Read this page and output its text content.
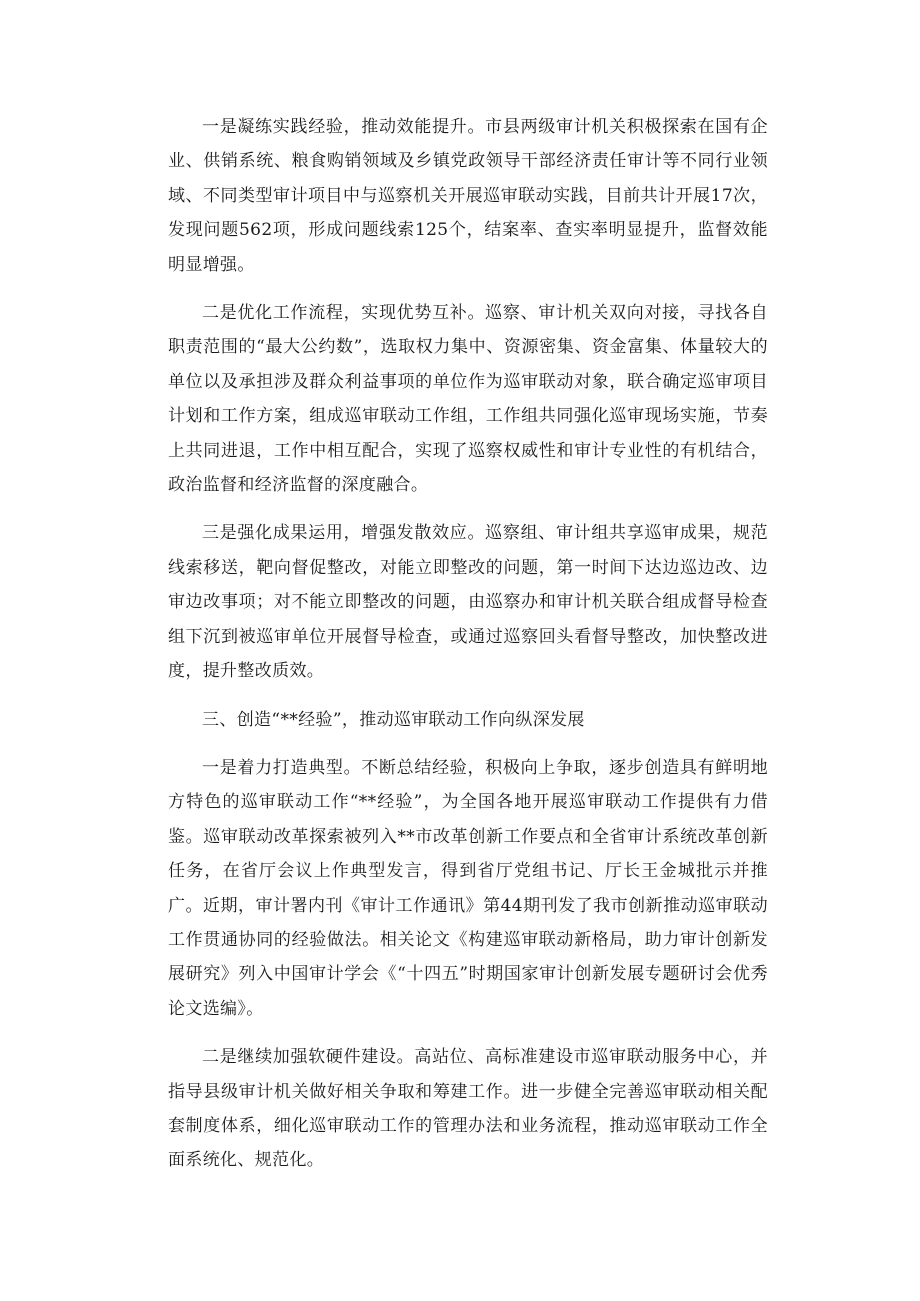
一是凝练实践经验，推动效能提升。市县两级审计机关积极探索在国有企业、供销系统、粮食购销领域及乡镇党政领导干部经济责任审计等不同行业领域、不同类型审计项目中与巡察机关开展巡审联动实践，目前共计开展17次，发现问题562项，形成问题线索125个，结案率、查实率明显提升，监督效能明显增强。

二是优化工作流程，实现优势互补。巡察、审计机关双向对接，寻找各自职责范围的“最大公约数”，选取权力集中、资源密集、资金富集、体量较大的单位以及承担涉及群众利益事项的单位作为巡审联动对象，联合确定巡审项目计划和工作方案，组成巡审联动工作组，工作组共同强化巡审现场实施，节奏上共同进退，工作中相互配合，实现了巡察权威性和审计专业性的有机结合，政治监督和经济监督的深度融合。

三是强化成果运用，增强发散效应。巡察组、审计组共享巡审成果，规范线索移送，靶向督促整改，对能立即整改的问题，第一时间下达边巡边改、边审边改事项；对不能立即整改的问题，由巡察办和审计机关联合组成督导检查组下沉到被巡审单位开展督导检查，或通过巡察回头看督导整改，加快整改进度，提升整改质效。

三、创造“**经验”，推动巡审联动工作向纵深发展

一是着力打造典型。不断总结经验，积极向上争取，逐步创造具有鲜明地方特色的巡审联动工作“**经验”，为全国各地开展巡审联动工作提供有力借鉴。巡审联动改革探索被列入**市改革创新工作要点和全省审计系统改革创新任务，在省厅会议上作典型发言，得到省厅党组书记、厅长王金城批示并推广。近期，审计署内刊《审计工作通讯》第44期刊发了我市创新推动巡审联动工作贯通协同的经验做法。相关论文《构建巡审联动新格局，助力审计创新发展研究》列入中国审计学会《“十四五”时期国家审计创新发展专题研讨会优秀论文选编》。

二是继续加强软硬件建设。高站位、高标准建设市巡审联动服务中心，并指导县级审计机关做好相关争取和筹建工作。进一步健全完善巡审联动相关配套制度体系，细化巡审联动工作的管理办法和业务流程，推动巡审联动工作全面系统化、规范化。
